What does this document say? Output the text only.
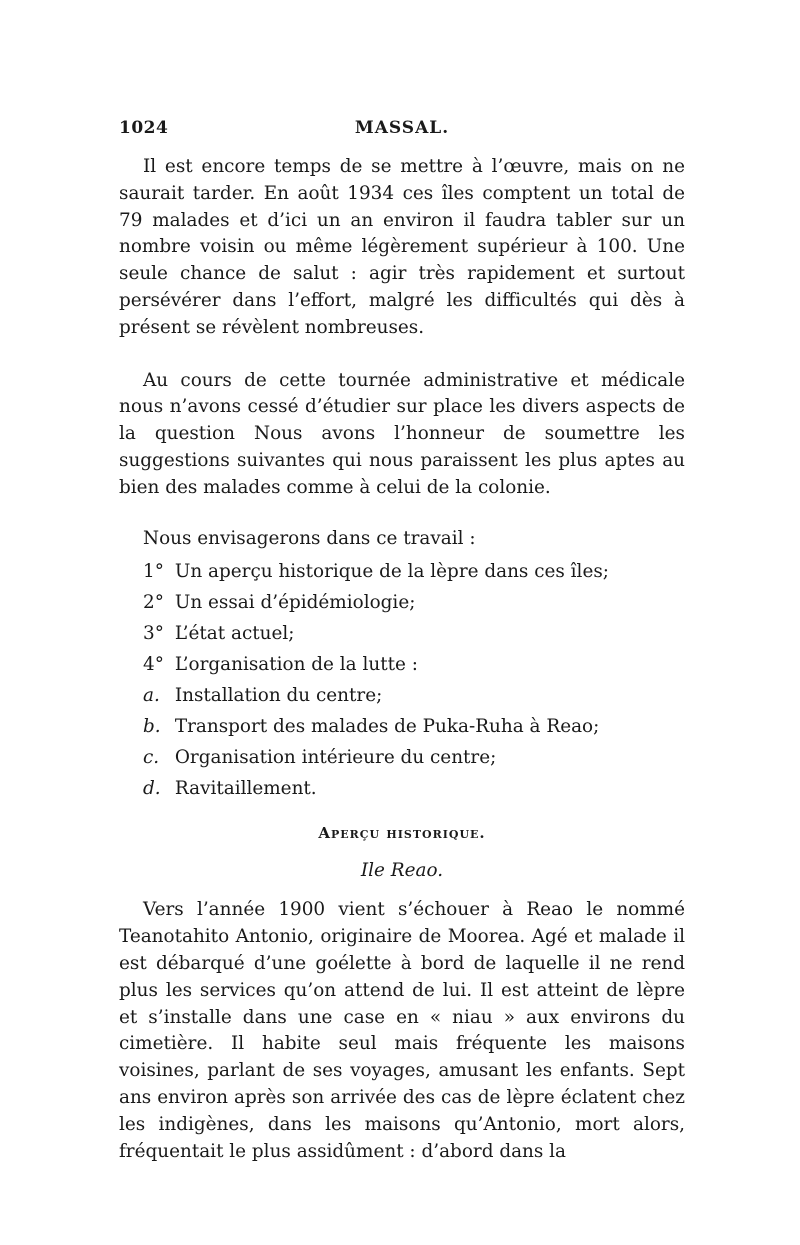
1024	MASSAL.

Il est encore temps de se mettre à l’œuvre, mais on ne saurait tarder. En août 1934 ces îles comptent un total de 79 malades et d’ici un an environ il faudra tabler sur un nombre voisin ou même légèrement supérieur à 100. Une seule chance de salut : agir très rapidement et surtout persévérer dans l’effort, malgré les difficultés qui dès à présent se révèlent nombreuses.

Au cours de cette tournée administrative et médicale nous n’avons cessé d’étudier sur place les divers aspects de la question Nous avons l’honneur de soumettre les suggestions suivantes qui nous paraissent les plus aptes au bien des malades comme à celui de la colonie.

Nous envisagerons dans ce travail :

1° Un aperçu historique de la lèpre dans ces îles;
2° Un essai d’épidémiologie;
3° L’état actuel;
4° L’organisation de la lutte :
a. Installation du centre;
b. Transport des malades de Puka-Ruha à Reao;
c. Organisation intérieure du centre;
d. Ravitaillement.
Aperçu historique.
Ile Reao.

Vers l’année 1900 vient s’échouer à Reao le nommé Teanotahito Antonio, originaire de Moorea. Agé et malade il est débarqué d’une goélette à bord de laquelle il ne rend plus les services qu’on attend de lui. Il est atteint de lèpre et s’installe dans une case en « niau » aux environs du cimetière. Il habite seul mais fréquente les maisons voisines, parlant de ses voyages, amusant les enfants. Sept ans environ après son arrivée des cas de lèpre éclatent chez les indigènes, dans les maisons qu’Antonio, mort alors, fréquentait le plus assidûment : d’abord dans la
